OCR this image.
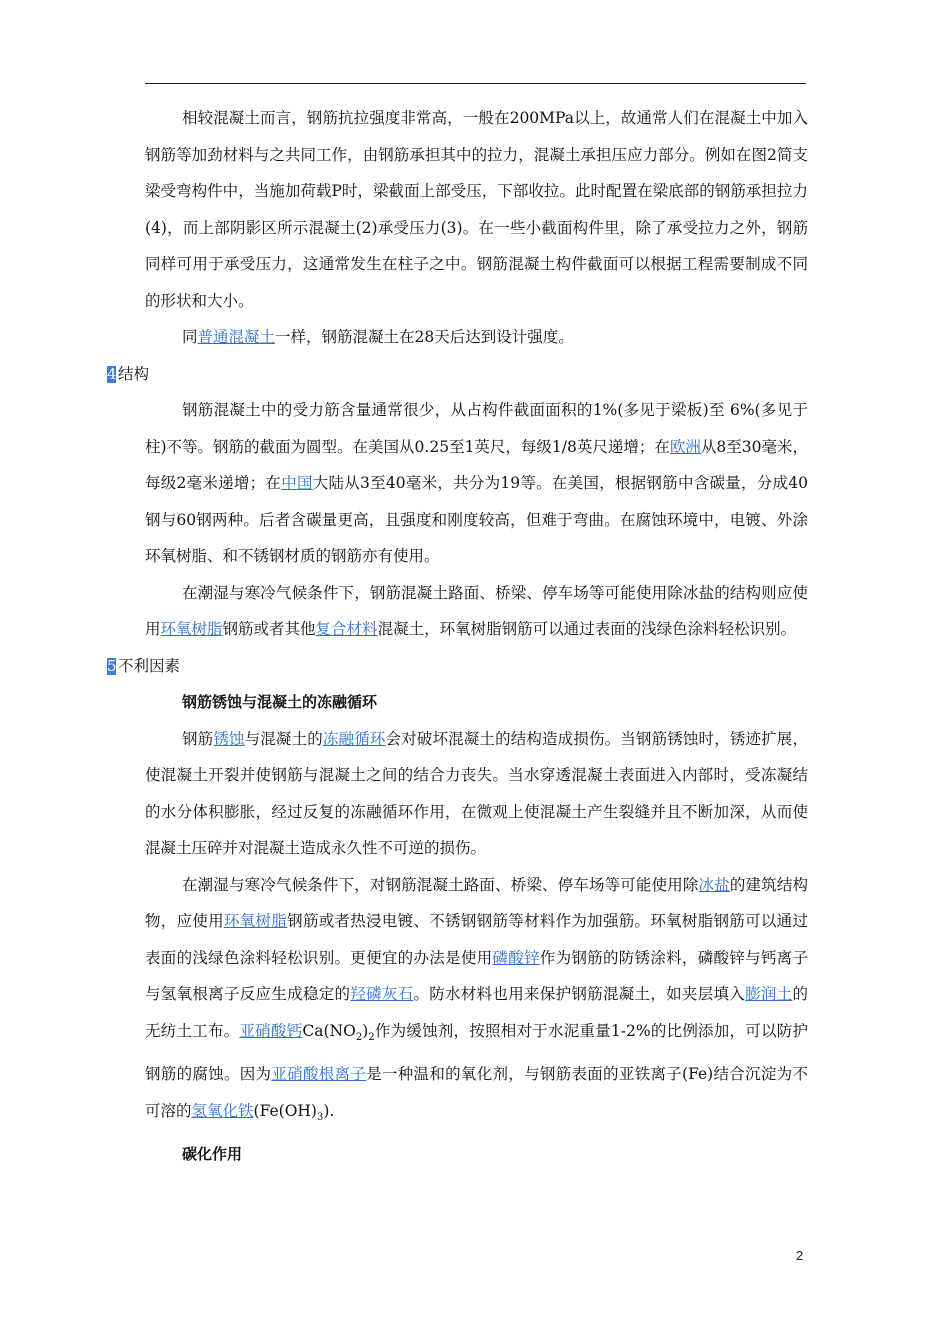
相较混凝土而言，钢筋抗拉强度非常高，一般在200MPa以上，故通常人们在混凝土中加入钢筋等加劲材料与之共同工作，由钢筋承担其中的拉力，混凝土承担压应力部分。例如在图2简支梁受弯构件中，当施加荷载P时，梁截面上部受压，下部收拉。此时配置在梁底部的钢筋承担拉力(4)，而上部阴影区所示混凝土(2)承受压力(3)。在一些小截面构件里，除了承受拉力之外，钢筋同样可用于承受压力，这通常发生在柱子之中。钢筋混凝土构件截面可以根据工程需要制成不同的形状和大小。

同普通混凝土一样，钢筋混凝土在28天后达到设计强度。

4结构

钢筋混凝土中的受力筋含量通常很少，从占构件截面面积的1%(多见于梁板)至 6%(多见于柱)不等。钢筋的截面为圆型。在美国从0.25至1英尺，每级1/8英尺递增；在欧洲从8至30毫米，每级2毫米递增；在中国大陆从3至40毫米，共分为19等。在美国，根据钢筋中含碳量，分成40钢与60钢两种。后者含碳量更高，且强度和刚度较高，但难于弯曲。在腐蚀环境中，电镀、外涂环氧树脂、和不锈钢材质的钢筋亦有使用。

在潮湿与寒冷气候条件下，钢筋混凝土路面、桥梁、停车场等可能使用除冰盐的结构则应使用环氧树脂钢筋或者其他复合材料混凝土，环氧树脂钢筋可以通过表面的浅绿色涂料轻松识别。

5不利因素

钢筋锈蚀与混凝土的冻融循环

钢筋锈蚀与混凝土的冻融循环会对破坏混凝土的结构造成损伤。当钢筋锈蚀时，锈迹扩展，使混凝土开裂并使钢筋与混凝土之间的结合力丧失。当水穿透混凝土表面进入内部时，受冻凝结的水分体积膨胀，经过反复的冻融循环作用，在微观上使混凝土产生裂缝并且不断加深，从而使混凝土压碎并对混凝土造成永久性不可逆的损伤。

在潮湿与寒冷气候条件下，对钢筋混凝土路面、桥梁、停车场等可能使用除冰盐的建筑结构物，应使用环氧树脂钢筋或者热浸电镀、不锈钢钢筋等材料作为加强筋。环氧树脂钢筋可以通过表面的浅绿色涂料轻松识别。更便宜的办法是使用磷酸锌作为钢筋的防锈涂料，磷酸锌与钙离子与氢氧根离子反应生成稳定的羟磷灰石。防水材料也用来保护钢筋混凝土，如夹层填入膨润土的无纺土工布。亚硝酸钙$Ca(NO_2)_2$作为缓蚀剂，按照相对于水泥重量1-2%的比例添加，可以防护钢筋的腐蚀。因为亚硝酸根离子是一种温和的氧化剂，与钢筋表面的亚铁离子(Fe)结合沉淀为不可溶的氢氧化铁$(Fe(OH)_3)$.

碳化作用

2
